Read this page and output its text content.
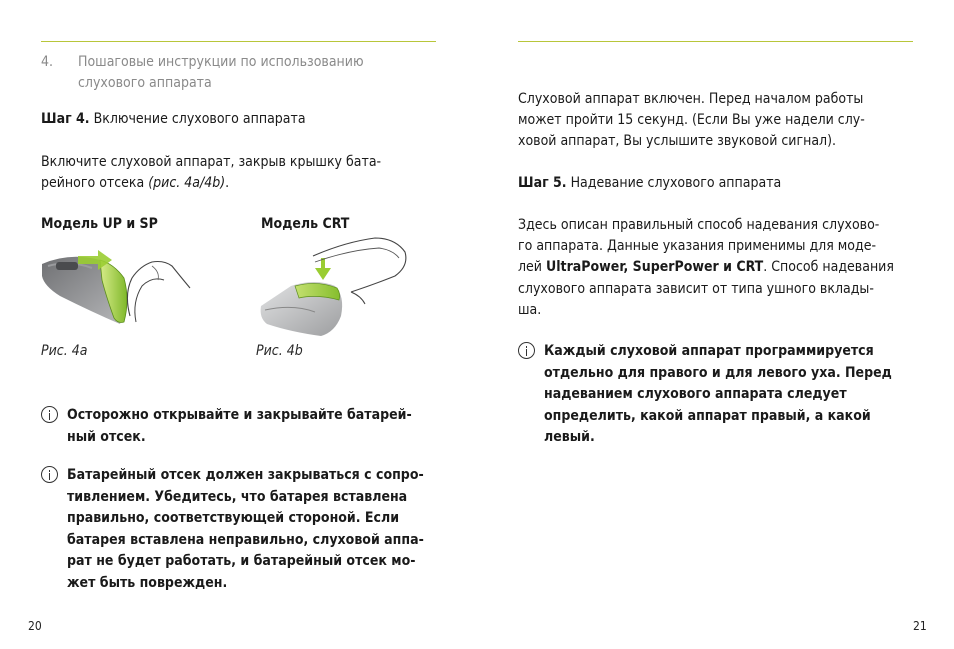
4. Пошаговые инструкции по использованию
слухового аппарата
Шаг 4. Включение слухового аппарата
Включите слуховой аппарат, закрыв крышку бата-
рейного отсека (рис. 4a/4b).
Модель UP и SP	Модель CRT
Рис. 4a	Рис. 4b
Осторожно открывайте и закрывайте батарей-
ный отсек.
Батарейный отсек должен закрываться с сопро-
тивлением. Убедитесь, что батарея вставлена
правильно, соответствующей стороной. Если
батарея вставлена неправильно, слуховой аппа-
рат не будет работать, и батарейный отсек мо-
жет быть поврежден.
20
Слуховой аппарат включен. Перед началом работы
может пройти 15 секунд. (Если Вы уже надели слу-
ховой аппарат, Вы услышите звуковой сигнал).
Шаг 5. Надевание слухового аппарата
Здесь описан правильный способ надевания слухово-
го аппарата. Данные указания применимы для моде-
лей UltraPower, SuperPower и CRT. Способ надевания
слухового аппарата зависит от типа ушного вклады-
ша.
Каждый слуховой аппарат программируется
отдельно для правого и для левого уха. Перед
надеванием слухового аппарата следует
определить, какой аппарат правый, а какой
левый.
21
